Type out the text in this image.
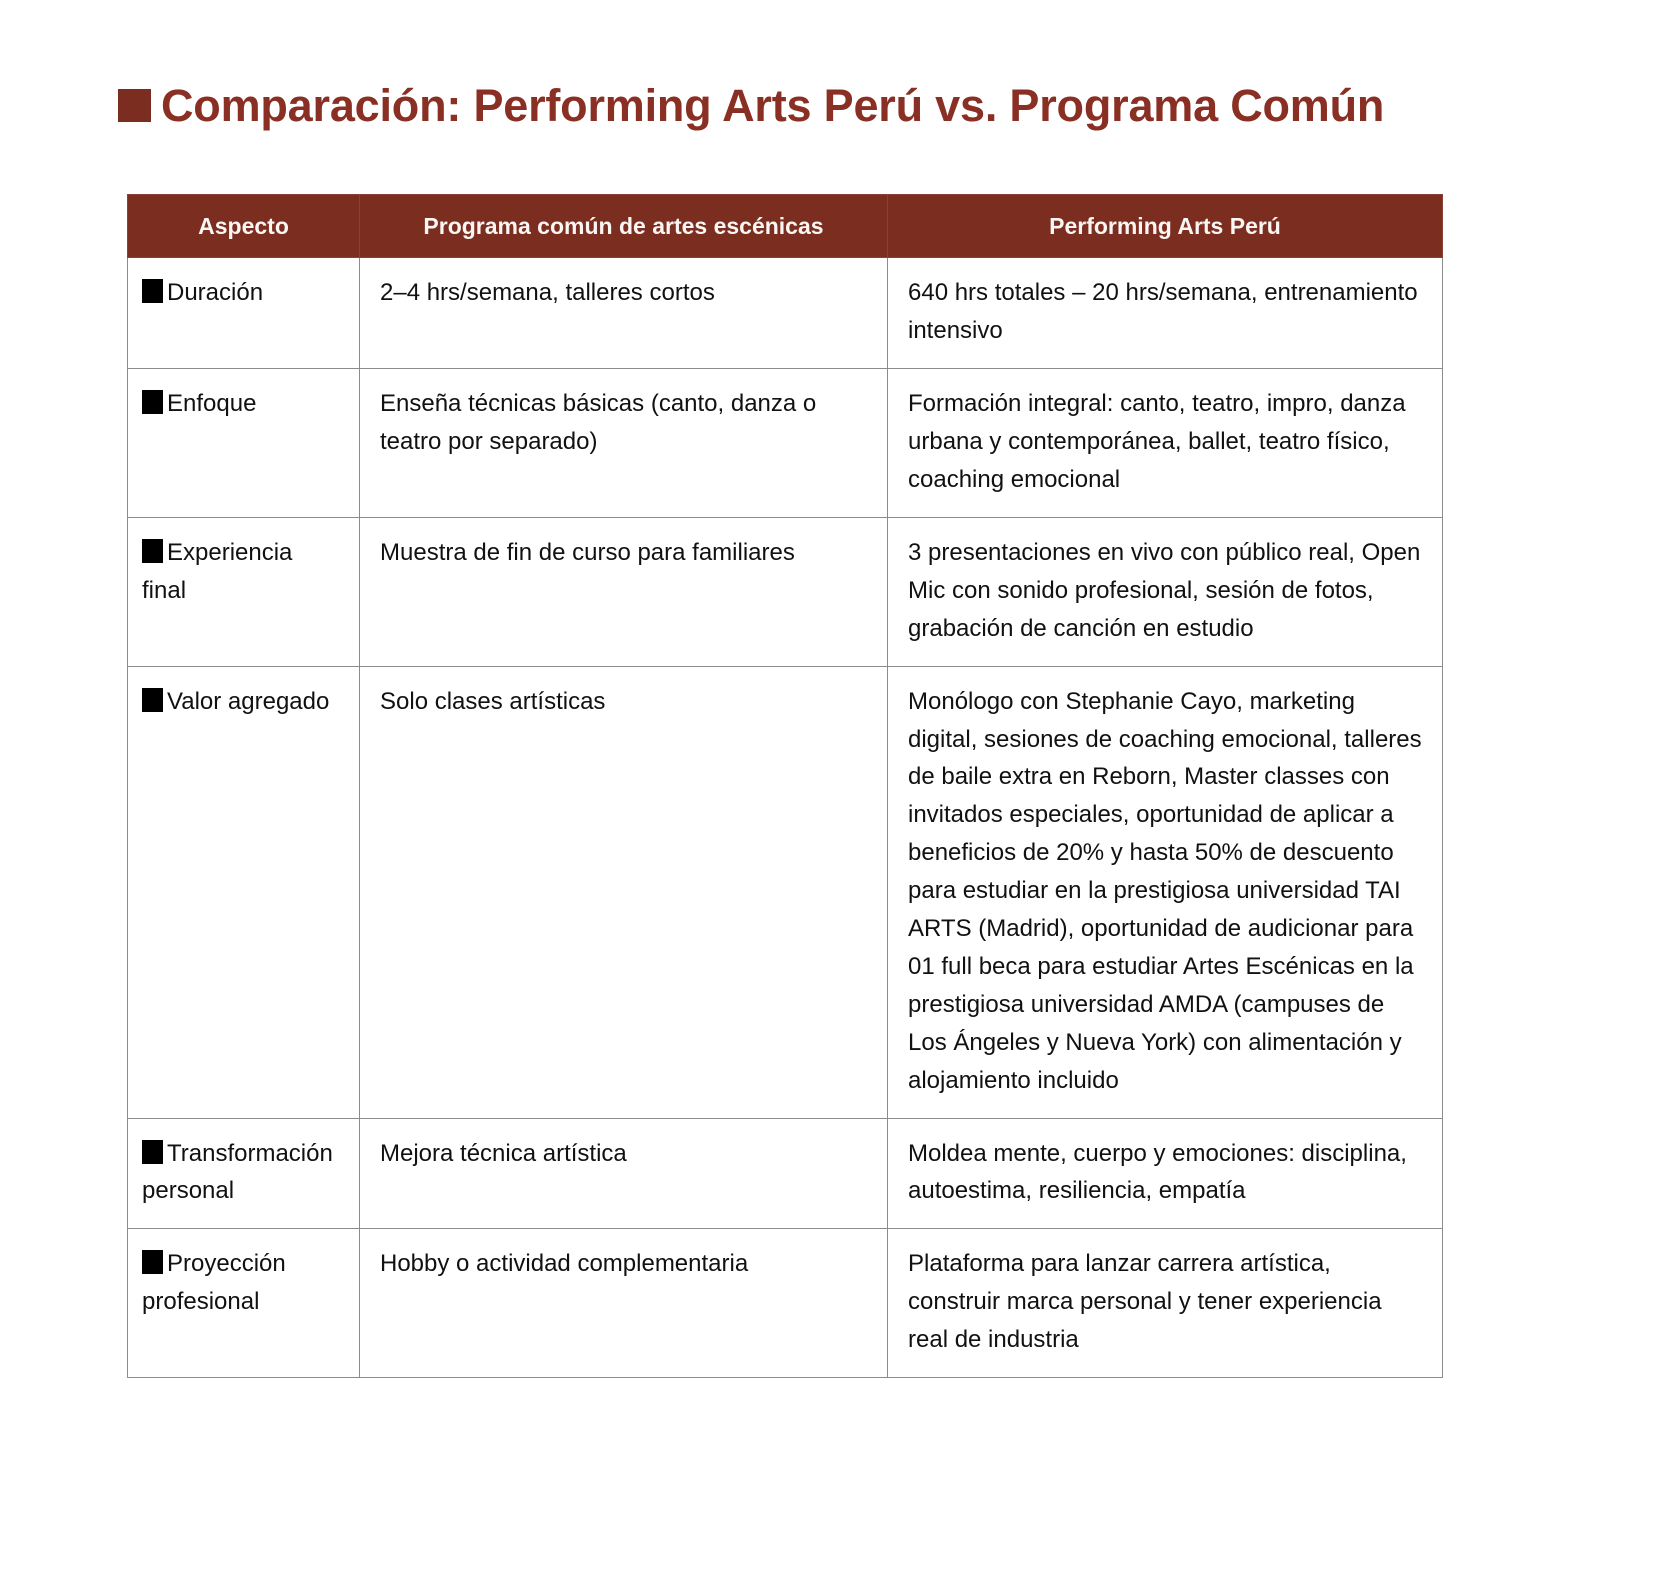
Comparación: Performing Arts Perú vs. Programa Común
Aspecto	Programa común de artes escénicas	Performing Arts Perú
Duración	2–4 hrs/semana, talleres cortos	640 hrs totales – 20 hrs/semana, entrenamiento intensivo
Enfoque	Enseña técnicas básicas (canto, danza o teatro por separado)	Formación integral: canto, teatro, impro, danza urbana y contemporánea, ballet, teatro físico, coaching emocional
Experiencia final	Muestra de fin de curso para familiares	3 presentaciones en vivo con público real, Open Mic con sonido profesional, sesión de fotos, grabación de canción en estudio
Valor agregado	Solo clases artísticas	Monólogo con Stephanie Cayo, marketing digital, sesiones de coaching emocional, talleres de baile extra en Reborn, Master classes con invitados especiales, oportunidad de aplicar a beneficios de 20% y hasta 50% de descuento para estudiar en la prestigiosa universidad TAI ARTS (Madrid), oportunidad de audicionar para 01 full beca para estudiar Artes Escénicas en la prestigiosa universidad AMDA (campuses de Los Ángeles y Nueva York) con alimentación y alojamiento incluido
Transformación personal	Mejora técnica artística	Moldea mente, cuerpo y emociones: disciplina, autoestima, resiliencia, empatía
Proyección profesional	Hobby o actividad complementaria	Plataforma para lanzar carrera artística, construir marca personal y tener experiencia real de industria
